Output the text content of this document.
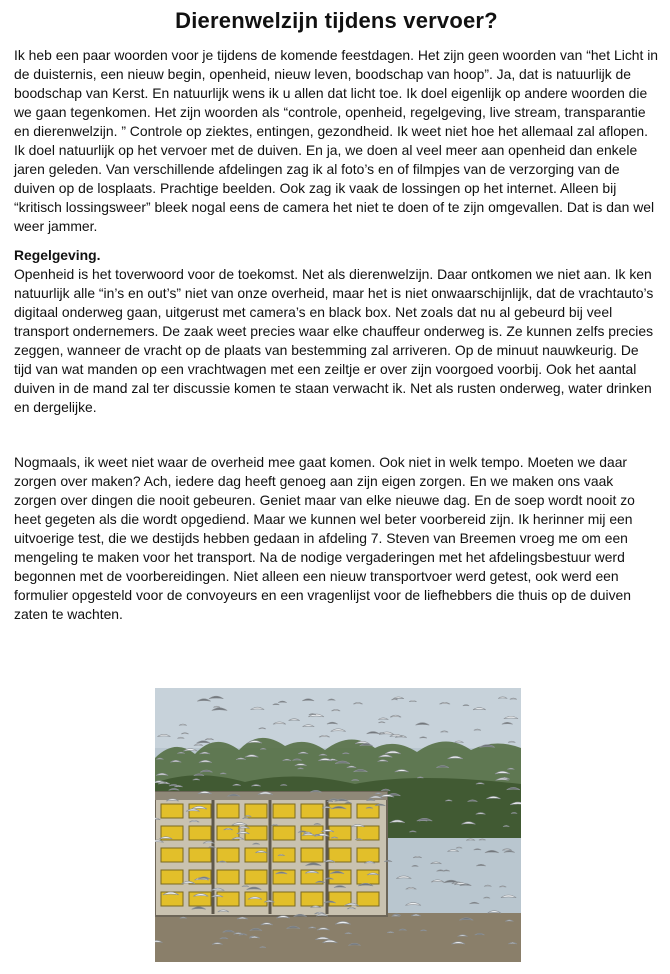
Dierenwelzijn tijdens vervoer?

Ik heb een paar woorden voor je tijdens de komende feestdagen. Het zijn geen woorden van “het Licht in de duisternis, een nieuw begin, openheid, nieuw leven, boodschap van hoop”. Ja, dat is natuurlijk de boodschap van Kerst. En natuurlijk wens ik u allen dat licht toe. Ik doel eigenlijk op andere woorden die we gaan tegenkomen. Het zijn woorden als “controle, openheid, regelgeving, live stream, transparantie en dierenwelzijn. ” Controle op ziektes, entingen, gezondheid. Ik weet niet hoe het allemaal zal aflopen. Ik doel natuurlijk op het vervoer met de duiven. En ja, we doen al veel meer aan openheid dan enkele jaren geleden. Van verschillende afdelingen zag ik al foto’s en of filmpjes van de verzorging van de duiven op de losplaats. Prachtige beelden. Ook zag ik vaak de lossingen op het internet. Alleen bij “kritisch lossingsweer” bleek nogal eens de camera het niet te doen of te zijn omgevallen. Dat is dan wel weer jammer.

Regelgeving.

Openheid is het toverwoord voor de toekomst. Net als dierenwelzijn. Daar ontkomen we niet aan. Ik ken natuurlijk alle “in’s en out’s” niet van onze overheid, maar het is niet onwaarschijnlijk, dat de vrachtauto’s digitaal onderweg gaan, uitgerust met camera’s en black box. Net zoals dat nu al gebeurd bij veel transport ondernemers. De zaak weet precies waar elke chauffeur onderweg is. Ze kunnen zelfs precies zeggen, wanneer de vracht op de plaats van bestemming zal arriveren. Op de minuut nauwkeurig. De tijd van wat manden op een vrachtwagen met een zeiltje er over zijn voorgoed voorbij. Ook het aantal duiven in de mand zal ter discussie komen te staan verwacht ik. Net als rusten onderweg, water drinken en dergelijke.

Nogmaals, ik weet niet waar de overheid mee gaat komen. Ook niet in welk tempo. Moeten we daar zorgen over maken? Ach, iedere dag heeft genoeg aan zijn eigen zorgen. En we maken ons vaak zorgen over dingen die nooit gebeuren. Geniet maar van elke nieuwe dag. En de soep wordt nooit zo heet gegeten als die wordt opgediend. Maar we kunnen wel beter voorbereid zijn. Ik herinner mij een uitvoerige test, die we destijds hebben gedaan in afdeling 7. Steven van Breemen vroeg me om een mengeling te maken voor het transport. Na de nodige vergaderingen met het afdelingsbestuur werd begonnen met de voorbereidingen. Niet alleen een nieuw transportvoer werd getest, ook werd een formulier opgesteld voor de convoyeurs en een vragenlijst voor de liefhebbers die thuis op de duiven zaten te wachten.
